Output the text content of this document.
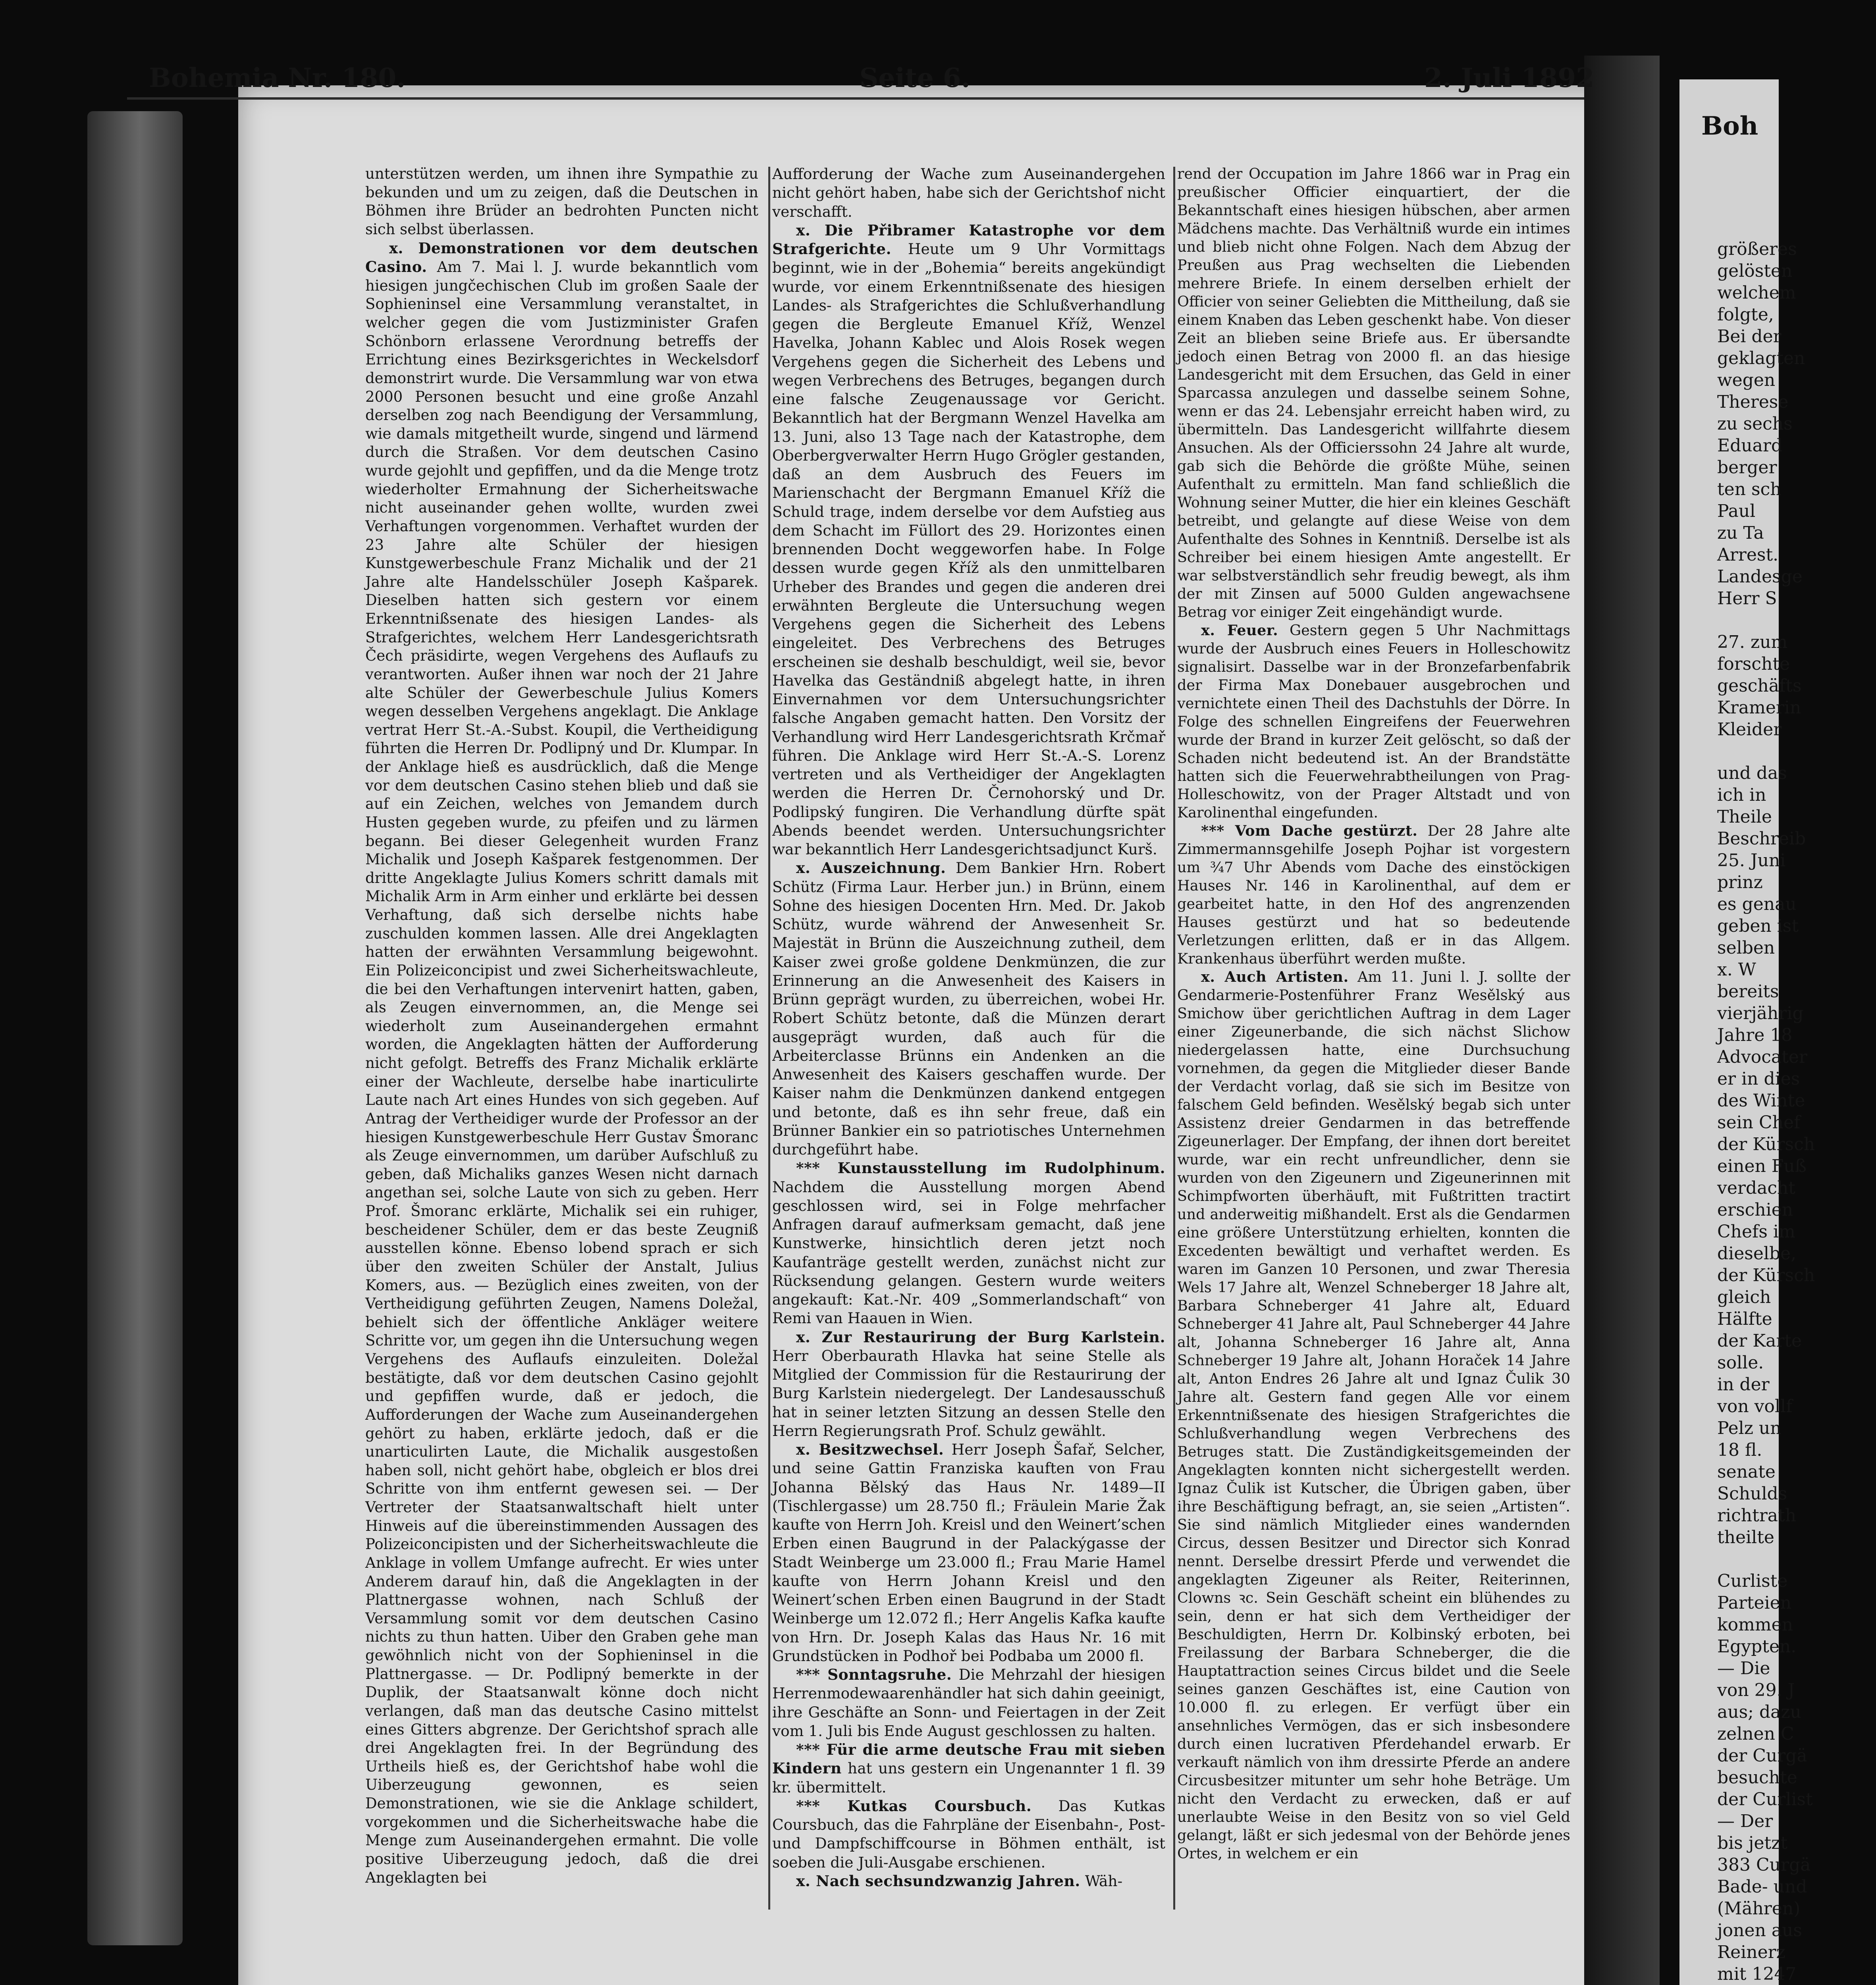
Boh
größeres
gelösten
welchem
folgte,
Bei der
geklagten
wegen
Therese
zu sechs
Eduard
berger
ten sch
Paul
zu Ta
Arrest.
Landesge
Herr S

27. zum
forschte
geschäfts
Kramerin
Kleider

und das
ich in
Theile
Beschreib
25. Juni
prinz
es genau
geben ist
selben
x. W
bereits
vierjährig
Jahre 18
Advocater
er in dies
des Winte
sein Chef
der Kürsch
einen Fuß
verdacht
erschien
Chefs im
dieselbe,
der Kürsch
gleich
Hälfte
der Karte
solle.
in der
von vollf
Pelz un
18 fl.
senate
Schulds
richtrath
theilte

Curliste
Parteien
kommen
Egypten.
— Die
von 29. J
aus; dazu
zelnen C
der Curgä
besuchte
der Curlist
— Der
bis jetzt
383 Curgä
Bade- und
(Mähren)
jonen aus
Reinerz
mit 1247

Bohemia Nr. 180.	Seite 6.	2. Juli 1892

unterstützen werden, um ihnen ihre Sympathie zu bekunden und um zu zeigen, daß die Deutschen in Böhmen ihre Brüder an bedrohten Puncten nicht sich selbst überlassen.

x. Demonstrationen vor dem deutschen Casino. Am 7. Mai l. J. wurde bekanntlich vom hiesigen jungčechischen Club im großen Saale der Sophieninsel eine Versammlung veranstaltet, in welcher gegen die vom Justizminister Grafen Schönborn erlassene Verordnung betreffs der Errichtung eines Bezirksgerichtes in Weckelsdorf demonstrirt wurde. Die Versammlung war von etwa 2000 Personen besucht und eine große Anzahl derselben zog nach Beendigung der Versammlung, wie damals mitgetheilt wurde, singend und lärmend durch die Straßen. Vor dem deutschen Casino wurde gejohlt und gepfiffen, und da die Menge trotz wiederholter Ermahnung der Sicherheitswache nicht auseinander gehen wollte, wurden zwei Verhaftungen vorgenommen. Verhaftet wurden der 23 Jahre alte Schüler der hiesigen Kunstgewerbeschule Franz Michalik und der 21 Jahre alte Handelsschüler Joseph Kašparek. Dieselben hatten sich gestern vor einem Erkenntnißsenate des hiesigen Landes- als Strafgerichtes, welchem Herr Landesgerichtsrath Čech präsidirte, wegen Vergehens des Auflaufs zu verantworten. Außer ihnen war noch der 21 Jahre alte Schüler der Gewerbeschule Julius Komers wegen desselben Vergehens angeklagt. Die Anklage vertrat Herr St.-A.-Subst. Koupil, die Vertheidigung führten die Herren Dr. Podlipný und Dr. Klumpar. In der Anklage hieß es ausdrücklich, daß die Menge vor dem deutschen Casino stehen blieb und daß sie auf ein Zeichen, welches von Jemandem durch Husten gegeben wurde, zu pfeifen und zu lärmen begann. Bei dieser Gelegenheit wurden Franz Michalik und Joseph Kašparek festgenommen. Der dritte Angeklagte Julius Komers schritt damals mit Michalik Arm in Arm einher und erklärte bei dessen Verhaftung, daß sich derselbe nichts habe zuschulden kommen lassen. Alle drei Angeklagten hatten der erwähnten Versammlung beigewohnt. Ein Polizeiconcipist und zwei Sicherheitswachleute, die bei den Verhaftungen intervenirt hatten, gaben, als Zeugen einvernommen, an, die Menge sei wiederholt zum Auseinandergehen ermahnt worden, die Angeklagten hätten der Aufforderung nicht gefolgt. Betreffs des Franz Michalik erklärte einer der Wachleute, derselbe habe inarticulirte Laute nach Art eines Hundes von sich gegeben. Auf Antrag der Vertheidiger wurde der Professor an der hiesigen Kunstgewerbeschule Herr Gustav Šmoranc als Zeuge einvernommen, um darüber Aufschluß zu geben, daß Michaliks ganzes Wesen nicht darnach angethan sei, solche Laute von sich zu geben. Herr Prof. Šmoranc erklärte, Michalik sei ein ruhiger, bescheidener Schüler, dem er das beste Zeugniß ausstellen könne. Ebenso lobend sprach er sich über den zweiten Schüler der Anstalt, Julius Komers, aus. — Bezüglich eines zweiten, von der Vertheidigung geführten Zeugen, Namens Doležal, behielt sich der öffentliche Ankläger weitere Schritte vor, um gegen ihn die Untersuchung wegen Vergehens des Auflaufs einzuleiten. Doležal bestätigte, daß vor dem deutschen Casino gejohlt und gepfiffen wurde, daß er jedoch, die Aufforderungen der Wache zum Auseinandergehen gehört zu haben, erklärte jedoch, daß er die unarticulirten Laute, die Michalik ausgestoßen haben soll, nicht gehört habe, obgleich er blos drei Schritte von ihm entfernt gewesen sei. — Der Vertreter der Staatsanwaltschaft hielt unter Hinweis auf die übereinstimmenden Aussagen des Polizeiconcipisten und der Sicherheitswachleute die Anklage in vollem Umfange aufrecht. Er wies unter Anderem darauf hin, daß die Angeklagten in der Plattnergasse wohnen, nach Schluß der Versammlung somit vor dem deutschen Casino nichts zu thun hatten. Uiber den Graben gehe man gewöhnlich nicht von der Sophieninsel in die Plattnergasse. — Dr. Podlipný bemerkte in der Duplik, der Staatsanwalt könne doch nicht verlangen, daß man das deutsche Casino mittelst eines Gitters abgrenze. Der Gerichtshof sprach alle drei Angeklagten frei. In der Begründung des Urtheils hieß es, der Gerichtshof habe wohl die Uiberzeugung gewonnen, es seien Demonstrationen, wie sie die Anklage schildert, vorgekommen und die Sicherheitswache habe die Menge zum Auseinandergehen ermahnt. Die volle positive Uiberzeugung jedoch, daß die drei Angeklagten bei

Aufforderung der Wache zum Auseinandergehen nicht gehört haben, habe sich der Gerichtshof nicht verschafft.

x. Die Přibramer Katastrophe vor dem Strafgerichte. Heute um 9 Uhr Vormittags beginnt, wie in der „Bohemia“ bereits angekündigt wurde, vor einem Erkenntnißsenate des hiesigen Landes- als Strafgerichtes die Schlußverhandlung gegen die Bergleute Emanuel Kříž, Wenzel Havelka, Johann Kablec und Alois Rosek wegen Vergehens gegen die Sicherheit des Lebens und wegen Verbrechens des Betruges, begangen durch eine falsche Zeugenaussage vor Gericht. Bekanntlich hat der Bergmann Wenzel Havelka am 13. Juni, also 13 Tage nach der Katastrophe, dem Oberbergverwalter Herrn Hugo Grögler gestanden, daß an dem Ausbruch des Feuers im Marienschacht der Bergmann Emanuel Kříž die Schuld trage, indem derselbe vor dem Aufstieg aus dem Schacht im Füllort des 29. Horizontes einen brennenden Docht weggeworfen habe. In Folge dessen wurde gegen Kříž als den unmittelbaren Urheber des Brandes und gegen die anderen drei erwähnten Bergleute die Untersuchung wegen Vergehens gegen die Sicherheit des Lebens eingeleitet. Des Verbrechens des Betruges erscheinen sie deshalb beschuldigt, weil sie, bevor Havelka das Geständniß abgelegt hatte, in ihren Einvernahmen vor dem Untersuchungsrichter falsche Angaben gemacht hatten. Den Vorsitz der Verhandlung wird Herr Landesgerichtsrath Krčmař führen. Die Anklage wird Herr St.-A.-S. Lorenz vertreten und als Vertheidiger der Angeklagten werden die Herren Dr. Černohorský und Dr. Podlipský fungiren. Die Verhandlung dürfte spät Abends beendet werden. Untersuchungsrichter war bekanntlich Herr Landesgerichtsadjunct Kurš.

x. Auszeichnung. Dem Bankier Hrn. Robert Schütz (Firma Laur. Herber jun.) in Brünn, einem Sohne des hiesigen Docenten Hrn. Med. Dr. Jakob Schütz, wurde während der Anwesenheit Sr. Majestät in Brünn die Auszeichnung zutheil, dem Kaiser zwei große goldene Denkmünzen, die zur Erinnerung an die Anwesenheit des Kaisers in Brünn geprägt wurden, zu überreichen, wobei Hr. Robert Schütz betonte, daß die Münzen derart ausgeprägt wurden, daß auch für die Arbeiterclasse Brünns ein Andenken an die Anwesenheit des Kaisers geschaffen wurde. Der Kaiser nahm die Denkmünzen dankend entgegen und betonte, daß es ihn sehr freue, daß ein Brünner Bankier ein so patriotisches Unternehmen durchgeführt habe.

*** Kunstausstellung im Rudolphinum. Nachdem die Ausstellung morgen Abend geschlossen wird, sei in Folge mehrfacher Anfragen darauf aufmerksam gemacht, daß jene Kunstwerke, hinsichtlich deren jetzt noch Kaufanträge gestellt werden, zunächst nicht zur Rücksendung gelangen. Gestern wurde weiters angekauft: Kat.-Nr. 409 „Sommerlandschaft“ von Remi van Haauen in Wien.

x. Zur Restaurirung der Burg Karlstein. Herr Oberbaurath Hlavka hat seine Stelle als Mitglied der Commission für die Restaurirung der Burg Karlstein niedergelegt. Der Landesausschuß hat in seiner letzten Sitzung an dessen Stelle den Herrn Regierungsrath Prof. Schulz gewählt.

x. Besitzwechsel. Herr Joseph Šafař, Selcher, und seine Gattin Franziska kauften von Frau Johanna Bělský das Haus Nr. 1489—II (Tischlergasse) um 28.750 fl.; Fräulein Marie Žak kaufte von Herrn Joh. Kreisl und den Weinert’schen Erben einen Baugrund in der Palackýgasse der Stadt Weinberge um 23.000 fl.; Frau Marie Hamel kaufte von Herrn Johann Kreisl und den Weinert’schen Erben einen Baugrund in der Stadt Weinberge um 12.072 fl.; Herr Angelis Kafka kaufte von Hrn. Dr. Joseph Kalas das Haus Nr. 16 mit Grundstücken in Podhoř bei Podbaba um 2000 fl.

*** Sonntagsruhe. Die Mehrzahl der hiesigen Herrenmodewaarenhändler hat sich dahin geeinigt, ihre Geschäfte an Sonn- und Feiertagen in der Zeit vom 1. Juli bis Ende August geschlossen zu halten.

*** Für die arme deutsche Frau mit sieben Kindern hat uns gestern ein Ungenannter 1 fl. 39 kr. übermittelt.

*** Kutkas Coursbuch. Das Kutkas Coursbuch, das die Fahrpläne der Eisenbahn-, Post- und Dampfschiffcourse in Böhmen enthält, ist soeben die Juli-Ausgabe erschienen.

x. Nach sechsundzwanzig Jahren. Wäh-

rend der Occupation im Jahre 1866 war in Prag ein preußischer Officier einquartiert, der die Bekanntschaft eines hiesigen hübschen, aber armen Mädchens machte. Das Verhältniß wurde ein intimes und blieb nicht ohne Folgen. Nach dem Abzug der Preußen aus Prag wechselten die Liebenden mehrere Briefe. In einem derselben erhielt der Officier von seiner Geliebten die Mittheilung, daß sie einem Knaben das Leben geschenkt habe. Von dieser Zeit an blieben seine Briefe aus. Er übersandte jedoch einen Betrag von 2000 fl. an das hiesige Landesgericht mit dem Ersuchen, das Geld in einer Sparcassa anzulegen und dasselbe seinem Sohne, wenn er das 24. Lebensjahr erreicht haben wird, zu übermitteln. Das Landesgericht willfahrte diesem Ansuchen. Als der Officierssohn 24 Jahre alt wurde, gab sich die Behörde die größte Mühe, seinen Aufenthalt zu ermitteln. Man fand schließlich die Wohnung seiner Mutter, die hier ein kleines Geschäft betreibt, und gelangte auf diese Weise von dem Aufenthalte des Sohnes in Kenntniß. Derselbe ist als Schreiber bei einem hiesigen Amte angestellt. Er war selbstverständlich sehr freudig bewegt, als ihm der mit Zinsen auf 5000 Gulden angewachsene Betrag vor einiger Zeit eingehändigt wurde.

x. Feuer. Gestern gegen 5 Uhr Nachmittags wurde der Ausbruch eines Feuers in Holleschowitz signalisirt. Dasselbe war in der Bronzefarbenfabrik der Firma Max Donebauer ausgebrochen und vernichtete einen Theil des Dachstuhls der Dörre. In Folge des schnellen Eingreifens der Feuerwehren wurde der Brand in kurzer Zeit gelöscht, so daß der Schaden nicht bedeutend ist. An der Brandstätte hatten sich die Feuerwehrabtheilungen von Prag-Holleschowitz, von der Prager Altstadt und von Karolinenthal eingefunden.

*** Vom Dache gestürzt. Der 28 Jahre alte Zimmermannsgehilfe Joseph Pojhar ist vorgestern um ¾7 Uhr Abends vom Dache des einstöckigen Hauses Nr. 146 in Karolinenthal, auf dem er gearbeitet hatte, in den Hof des angrenzenden Hauses gestürzt und hat so bedeutende Verletzungen erlitten, daß er in das Allgem. Krankenhaus überführt werden mußte.

x. Auch Artisten. Am 11. Juni l. J. sollte der Gendarmerie-Postenführer Franz Wesělský aus Smichow über gerichtlichen Auftrag in dem Lager einer Zigeunerbande, die sich nächst Slichow niedergelassen hatte, eine Durchsuchung vornehmen, da gegen die Mitglieder dieser Bande der Verdacht vorlag, daß sie sich im Besitze von falschem Geld befinden. Wesělský begab sich unter Assistenz dreier Gendarmen in das betreffende Zigeunerlager. Der Empfang, der ihnen dort bereitet wurde, war ein recht unfreundlicher, denn sie wurden von den Zigeunern und Zigeunerinnen mit Schimpfworten überhäuft, mit Fußtritten tractirt und anderweitig mißhandelt. Erst als die Gendarmen eine größere Unterstützung erhielten, konnten die Excedenten bewältigt und verhaftet werden. Es waren im Ganzen 10 Personen, und zwar Theresia Wels 17 Jahre alt, Wenzel Schneberger 18 Jahre alt, Barbara Schneberger 41 Jahre alt, Eduard Schneberger 41 Jahre alt, Paul Schneberger 44 Jahre alt, Johanna Schneberger 16 Jahre alt, Anna Schneberger 19 Jahre alt, Johann Horaček 14 Jahre alt, Anton Endres 26 Jahre alt und Ignaz Čulik 30 Jahre alt. Gestern fand gegen Alle vor einem Erkenntnißsenate des hiesigen Strafgerichtes die Schlußverhandlung wegen Verbrechens des Betruges statt. Die Zuständigkeitsgemeinden der Angeklagten konnten nicht sichergestellt werden. Ignaz Čulik ist Kutscher, die Übrigen gaben, über ihre Beschäftigung befragt, an, sie seien „Artisten“. Sie sind nämlich Mitglieder eines wandernden Circus, dessen Besitzer und Director sich Konrad nennt. Derselbe dressirt Pferde und verwendet die angeklagten Zigeuner als Reiter, Reiterinnen, Clowns ꝛc. Sein Geschäft scheint ein blühendes zu sein, denn er hat sich dem Vertheidiger der Beschuldigten, Herrn Dr. Kolbinský erboten, bei Freilassung der Barbara Schneberger, die die Hauptattraction seines Circus bildet und die Seele seines ganzen Geschäftes ist, eine Caution von 10.000 fl. zu erlegen. Er verfügt über ein ansehnliches Vermögen, das er sich insbesondere durch einen lucrativen Pferdehandel erwarb. Er verkauft nämlich von ihm dressirte Pferde an andere Circusbesitzer mitunter um sehr hohe Beträge. Um nicht den Verdacht zu erwecken, daß er auf unerlaubte Weise in den Besitz von so viel Geld gelangt, läßt er sich jedesmal von der Behörde jenes Ortes, in welchem er ein
